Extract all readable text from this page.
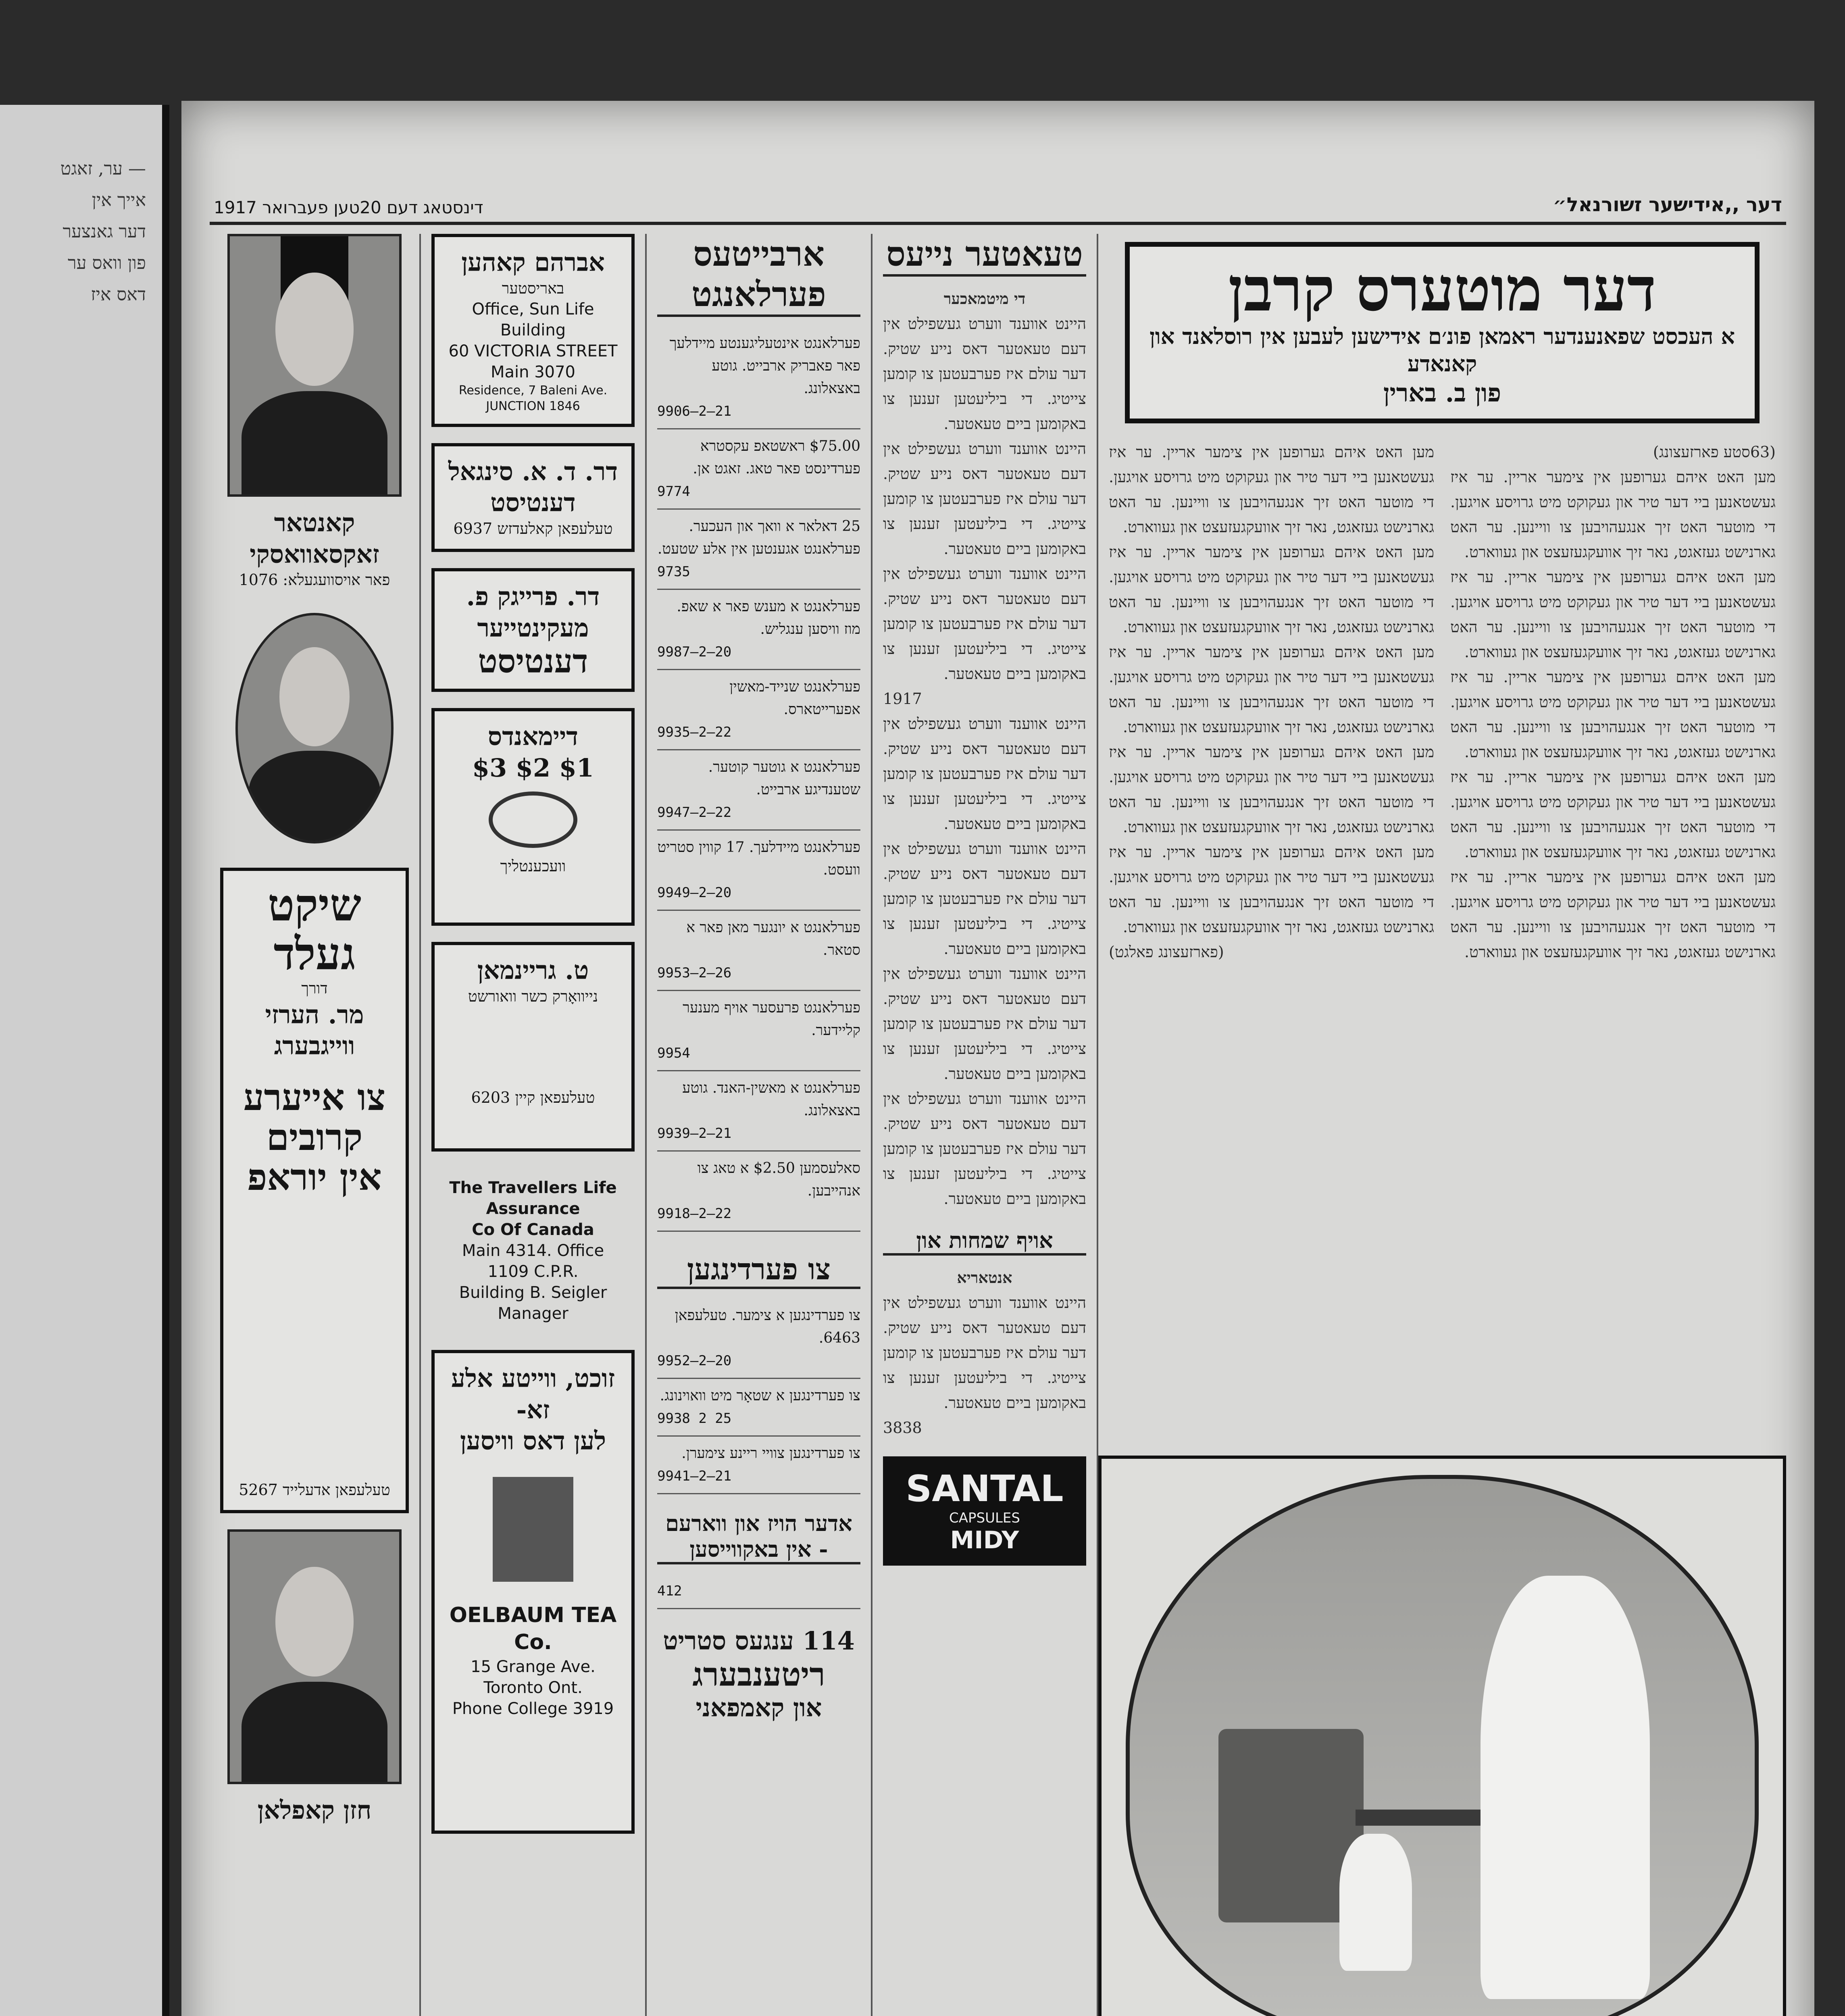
— ער, זאגט
אייך אין
דער גאנצער
פון וואס ער
דאס איז
דינסטאג דעם 20טען פעברואר 1917	דער ,,אידישער זשורנאל״
קאנטאר זאקסאוואסקי
פאר אויסוועגעלא: 1076
שיקט געלד
דורך
מר. הערזי ווייגבערג
צו אייערע קרובים
אין יוראפ
טעלעפאן אדעלייד 5267
חזן קאפלאן
אברהם קאהען
באריסטער
Office, Sun Life Building
60 VICTORIA STREET
Main 3070
Residence, 7 Baleni Ave. JUNCTION 1846
דר. ד. א. סינגאל
דענטיסט
טעלעפאן קאלעדזש 6937
דר. פרייגק פ.
מעקינטייער
דענטיסט
דיימאנדס
$3 $2 $1
וועכענטליך
ט. גריינמאן
נייוואָרק כשר וואורשט
טעלעפאן קיין 6203
The Travellers Life Assurance
Co Of Canada
Main 4314. Office 1109 C.P.R.
Building B. Seigler Manager
זוכט, ווייטע אלע זא-
לען דאס וויסען
OELBAUM TEA Co.
15 Grange Ave. Toronto Ont.
Phone College 3919
ארבייטעס פערלאנגט
פערלאנגט אינטעליגענטע מיידלעך פאר פאבריק ארבייט. גוטע באצאלונג.
9906—2—21
$75.00 ראשטאפ עקסטרא פערדינסט פאר טאג. זאגט אן.
9774
25 דאלאר א וואך און העכער. פערלאנגט אגענטען אין אלע שטעט.
9735
פערלאנגט א מענש פאר א שאפ. מוז וויסען ענגליש.
9987—2—20
פערלאנגט שנייד-מאשין אפערייטארס.
9935—2—22
פערלאנגט א גוטער קוטער. שטענדיגע ארבייט.
9947—2—22
פערלאנגט מיידלעך. 17 קווין סטריט וועסט.
9949—2—20
פערלאנגט א יונגער מאן פאר א סטאר.
9953—2—26
פערלאנגט פרעסער אויף מענער קליידער.
9954
פערלאנגט א מאשין-האנד. גוטע באצאלונג.
9939—2—21
סאלעסמען $2.50 א טאג צו אנהייבען.
9918—2—22
צו פערדינגען
צו פערדינגען א צימער. טעלעפאן 6463.
9952—2—20
צו פערדינגען א שטאָר מיט וואוינונג.
9938 2 25
צו פערדינגען צוויי ריינע צימערן.
9941—2—21
אדער הויז און ווארעם - אין באקווייסען
412
114 ענגעס סטריט
ריטענבערג
און קאמפאני
טעאטער נייעס
די מיטמאכער
היינט אווענד ווערט געשפילט אין דעם טעאטער דאס נייע שטיק. דער עולם איז פערבעטען צו קומען צייטיג. די ביליעטען זענען צו באקומען ביים טעאטער.
היינט אווענד ווערט געשפילט אין דעם טעאטער דאס נייע שטיק. דער עולם איז פערבעטען צו קומען צייטיג. די ביליעטען זענען צו באקומען ביים טעאטער.
היינט אווענד ווערט געשפילט אין דעם טעאטער דאס נייע שטיק. דער עולם איז פערבעטען צו קומען צייטיג. די ביליעטען זענען צו באקומען ביים טעאטער.
1917
היינט אווענד ווערט געשפילט אין דעם טעאטער דאס נייע שטיק. דער עולם איז פערבעטען צו קומען צייטיג. די ביליעטען זענען צו באקומען ביים טעאטער.
היינט אווענד ווערט געשפילט אין דעם טעאטער דאס נייע שטיק. דער עולם איז פערבעטען צו קומען צייטיג. די ביליעטען זענען צו באקומען ביים טעאטער.
היינט אווענד ווערט געשפילט אין דעם טעאטער דאס נייע שטיק. דער עולם איז פערבעטען צו קומען צייטיג. די ביליעטען זענען צו באקומען ביים טעאטער.
היינט אווענד ווערט געשפילט אין דעם טעאטער דאס נייע שטיק. דער עולם איז פערבעטען צו קומען צייטיג. די ביליעטען זענען צו באקומען ביים טעאטער.
אויף שמחות און
אנטאריא
היינט אווענד ווערט געשפילט אין דעם טעאטער דאס נייע שטיק. דער עולם איז פערבעטען צו קומען צייטיג. די ביליעטען זענען צו באקומען ביים טעאטער.
3838
SANTAL
CAPSULES
MIDY
דער מוטערס קרבן
א העכסט שפאנענדער ראמאן פונ׳ם אידישען לעבען אין רוסלאנד און קאנאדע
פון ב. בארין
(63סטע פארזעצונג)
מען האט איהם גערופען אין צימער אריין. ער איז געשטאנען ביי דער טיר און געקוקט מיט גרויסע אויגען. די מוטער האט זיך אנגעהויבען צו וויינען. ער האט גארנישט געזאגט, נאר זיך אוועקגעזעצט און געווארט.
מען האט איהם גערופען אין צימער אריין. ער איז געשטאנען ביי דער טיר און געקוקט מיט גרויסע אויגען. די מוטער האט זיך אנגעהויבען צו וויינען. ער האט גארנישט געזאגט, נאר זיך אוועקגעזעצט און געווארט.
מען האט איהם גערופען אין צימער אריין. ער איז געשטאנען ביי דער טיר און געקוקט מיט גרויסע אויגען. די מוטער האט זיך אנגעהויבען צו וויינען. ער האט גארנישט געזאגט, נאר זיך אוועקגעזעצט און געווארט.
מען האט איהם גערופען אין צימער אריין. ער איז געשטאנען ביי דער טיר און געקוקט מיט גרויסע אויגען. די מוטער האט זיך אנגעהויבען צו וויינען. ער האט גארנישט געזאגט, נאר זיך אוועקגעזעצט און געווארט.
מען האט איהם גערופען אין צימער אריין. ער איז געשטאנען ביי דער טיר און געקוקט מיט גרויסע אויגען. די מוטער האט זיך אנגעהויבען צו וויינען. ער האט גארנישט געזאגט, נאר זיך אוועקגעזעצט און געווארט.
מען האט איהם גערופען אין צימער אריין. ער איז געשטאנען ביי דער טיר און געקוקט מיט גרויסע אויגען. די מוטער האט זיך אנגעהויבען צו וויינען. ער האט גארנישט געזאגט, נאר זיך אוועקגעזעצט און געווארט.
מען האט איהם גערופען אין צימער אריין. ער איז געשטאנען ביי דער טיר און געקוקט מיט גרויסע אויגען. די מוטער האט זיך אנגעהויבען צו וויינען. ער האט גארנישט געזאגט, נאר זיך אוועקגעזעצט און געווארט.
מען האט איהם גערופען אין צימער אריין. ער איז געשטאנען ביי דער טיר און געקוקט מיט גרויסע אויגען. די מוטער האט זיך אנגעהויבען צו וויינען. ער האט גארנישט געזאגט, נאר זיך אוועקגעזעצט און געווארט.
מען האט איהם גערופען אין צימער אריין. ער איז געשטאנען ביי דער טיר און געקוקט מיט גרויסע אויגען. די מוטער האט זיך אנגעהויבען צו וויינען. ער האט גארנישט געזאגט, נאר זיך אוועקגעזעצט און געווארט.
מען האט איהם גערופען אין צימער אריין. ער איז געשטאנען ביי דער טיר און געקוקט מיט גרויסע אויגען. די מוטער האט זיך אנגעהויבען צו וויינען. ער האט גארנישט געזאגט, נאר זיך אוועקגעזעצט און געווארט.
(פארזעצונג פאלגט)
